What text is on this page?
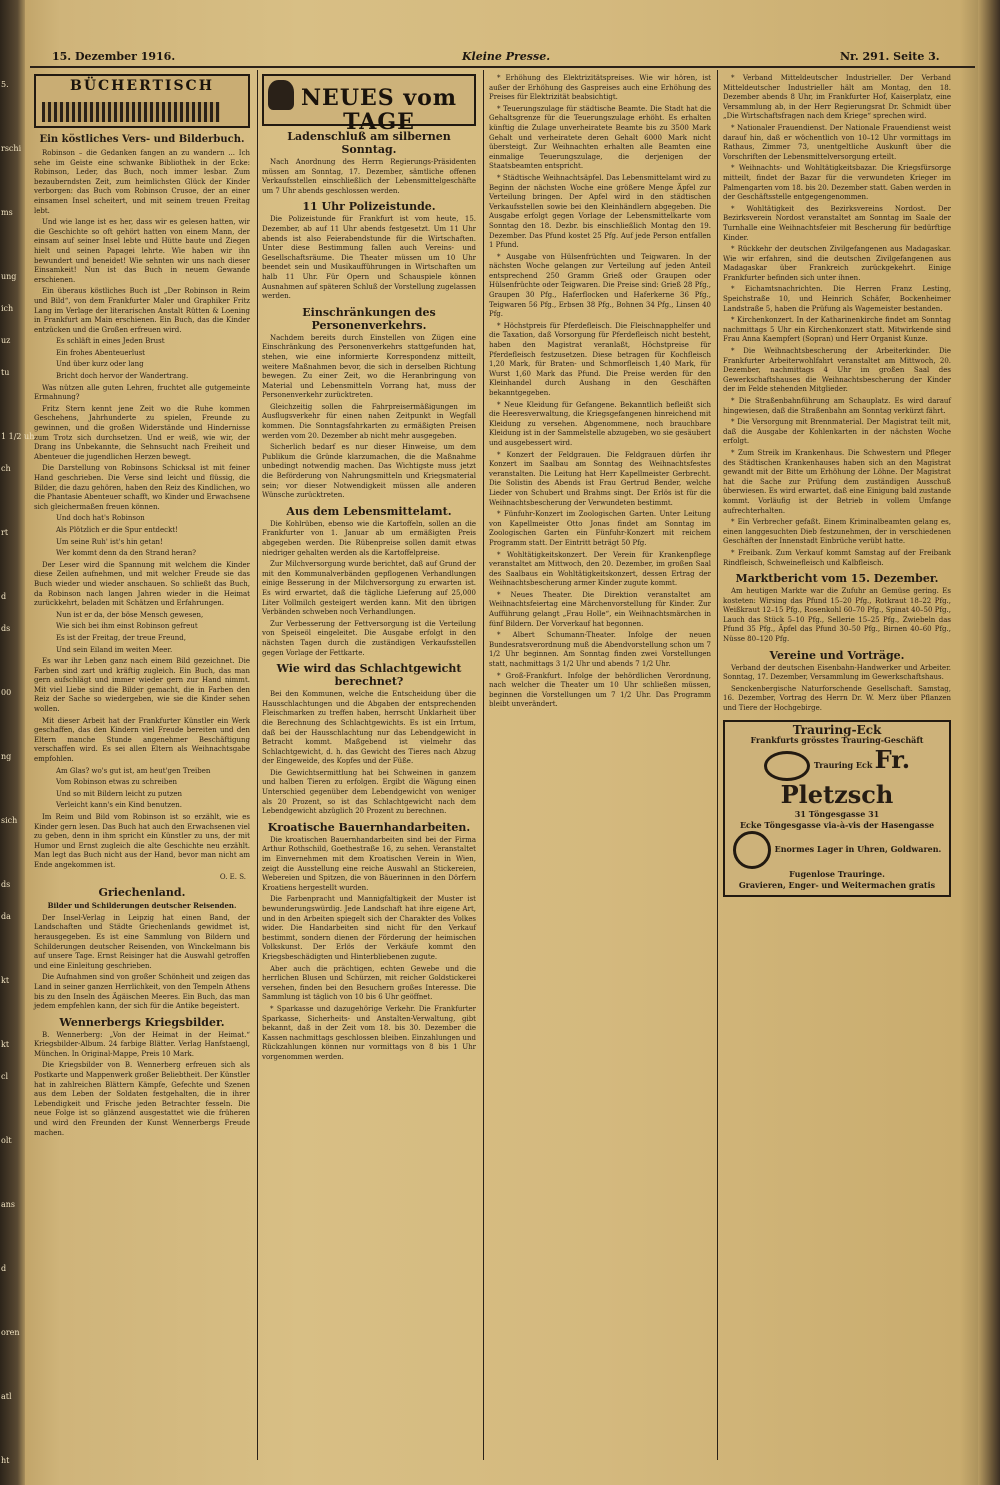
15. Dezember 1916.	Kleine Presse.	Nr. 291. Seite 3.
BÜCHERTISCH
Ein köstliches Vers- und Bilderbuch.

Robinson – die Gedanken fangen an zu wandern ... Ich sehe im Geiste eine schwanke Bibliothek in der Ecke: Robinson, Leder, das Buch, noch immer lesbar. Zum bezauberndsten Zeit, zum heimlichsten Glück der Kinder verborgen: das Buch vom Robinson Crusoe, der an einer einsamen Insel scheitert, und mit seinem treuen Freitag lebt.

Und wie lange ist es her, dass wir es gelesen hatten, wir die Geschichte so oft gehört hatten von einem Mann, der einsam auf seiner Insel lebte und Hütte baute und Ziegen hielt und seinen Papagei lehrte. Wie haben wir ihn bewundert und beneidet! Wie sehnten wir uns nach dieser Einsamkeit! Nun ist das Buch in neuem Gewande erschienen.

Ein überaus köstliches Buch ist „Der Robinson in Reim und Bild“, von dem Frankfurter Maler und Graphiker Fritz Lang im Verlage der literarischen Anstalt Rütten & Loening in Frankfurt am Main erschienen. Ein Buch, das die Kinder entzücken und die Großen erfreuen wird.

Es schläft in eines Jeden Brust

Ein frohes Abenteuerlust

Und über kurz oder lang

Bricht doch hervor der Wandertrang.

Was nützen alle guten Lehren, fruchtet alle gutgemeinte Ermahnung?

Fritz Stern kennt jene Zeit wo die Ruhe kommen Geschehens, Jahrhunderte zu spielen, Freunde zu gewinnen, und die großen Widerstände und Hindernisse zum Trotz sich durchsetzen. Und er weiß, wie wir, der Drang ins Unbekannte, die Sehnsucht nach Freiheit und Abenteuer die jugendlichen Herzen bewegt.

Die Darstellung von Robinsons Schicksal ist mit feiner Hand geschrieben. Die Verse sind leicht und flüssig, die Bilder, die dazu gehören, haben den Reiz des Kindlichen, wo die Phantasie Abenteuer schafft, wo Kinder und Erwachsene sich gleichermaßen freuen können.

Und doch hat's Robinson

Als Plötzlich er die Spur entdeckt!

Um seine Ruh' ist's hin getan!

Wer kommt denn da den Strand heran?

Der Leser wird die Spannung mit welchem die Kinder diese Zeilen aufnehmen, und mit welcher Freude sie das Buch wieder und wieder anschauen. So schließt das Buch, da Robinson nach langen Jahren wieder in die Heimat zurückkehrt, beladen mit Schätzen und Erfahrungen.

Nun ist er da, der böse Mensch gewesen,

Wie sich bei ihm einst Robinson gefreut

Es ist der Freitag, der treue Freund,

Und sein Eiland im weiten Meer.

Es war ihr Leben ganz nach einem Bild gezeichnet. Die Farben sind zart und kräftig zugleich. Ein Buch, das man gern aufschlägt und immer wieder gern zur Hand nimmt. Mit viel Liebe sind die Bilder gemacht, die in Farben den Reiz der Sache so wiedergeben, wie sie die Kinder sehen wollen.

Mit dieser Arbeit hat der Frankfurter Künstler ein Werk geschaffen, das den Kindern viel Freude bereiten und den Eltern manche Stunde angenehmer Beschäftigung verschaffen wird. Es sei allen Eltern als Weihnachtsgabe empfohlen.

Am Glas? wo's gut ist, am heut'gen Treiben

Vom Robinson etwas zu schreiben

Und so mit Bildern leicht zu putzen

Verleicht kann's ein Kind benutzen.

Im Reim und Bild vom Robinson ist so erzählt, wie es Kinder gern lesen. Das Buch hat auch den Erwachsenen viel zu geben, denn in ihm spricht ein Künstler zu uns, der mit Humor und Ernst zugleich die alte Geschichte neu erzählt. Man legt das Buch nicht aus der Hand, bevor man nicht am Ende angekommen ist.

O. E. S.

Griechenland.
Bilder und Schilderungen deutscher Reisenden.

Der Insel-Verlag in Leipzig hat einen Band, der Landschaften und Städte Griechenlands gewidmet ist, herausgegeben. Es ist eine Sammlung von Bildern und Schilderungen deutscher Reisenden, von Winckelmann bis auf unsere Tage. Ernst Reisinger hat die Auswahl getroffen und eine Einleitung geschrieben.

Die Aufnahmen sind von großer Schönheit und zeigen das Land in seiner ganzen Herrlichkeit, von den Tempeln Athens bis zu den Inseln des Ägäischen Meeres. Ein Buch, das man jedem empfehlen kann, der sich für die Antike begeistert.

Wennerbergs Kriegsbilder.

B. Wennerberg: „Von der Heimat in der Heimat.“ Kriegsbilder-Album. 24 farbige Blätter. Verlag Hanfstaengl, München. In Original-Mappe, Preis 10 Mark.

Die Kriegsbilder von B. Wennerberg erfreuen sich als Postkarte und Mappenwerk großer Beliebtheit. Der Künstler hat in zahlreichen Blättern Kämpfe, Gefechte und Szenen aus dem Leben der Soldaten festgehalten, die in ihrer Lebendigkeit und Frische jeden Betrachter fesseln. Die neue Folge ist so glänzend ausgestattet wie die früheren und wird den Freunden der Kunst Wennerbergs Freude machen.

NEUES vom TAGE
Ladenschluß am silbernen Sonntag.

Nach Anordnung des Herrn Regierungs-Präsidenten müssen am Sonntag, 17. Dezember, sämtliche offenen Verkaufsstellen einschließlich der Lebensmittelgeschäfte um 7 Uhr abends geschlossen werden.

11 Uhr Polizeistunde.

Die Polizeistunde für Frankfurt ist vom heute, 15. Dezember, ab auf 11 Uhr abends festgesetzt. Um 11 Uhr abends ist also Feierabendstunde für die Wirtschaften. Unter diese Bestimmung fallen auch Vereins- und Gesellschaftsräume. Die Theater müssen um 10 Uhr beendet sein und Musikaufführungen in Wirtschaften um halb 11 Uhr. Für Opern und Schauspiele können Ausnahmen auf späteren Schluß der Vorstellung zugelassen werden.

Einschränkungen des Personenverkehrs.

Nachdem bereits durch Einstellen von Zügen eine Einschränkung des Personenverkehrs stattgefunden hat, stehen, wie eine informierte Korrespondenz mitteilt, weitere Maßnahmen bevor, die sich in derselben Richtung bewegen. Zu einer Zeit, wo die Heranbringung von Material und Lebensmitteln Vorrang hat, muss der Personenverkehr zurücktreten.

Gleichzeitig sollen die Fahrpreisermäßigungen im Ausflugsverkehr für einen nahen Zeitpunkt in Wegfall kommen. Die Sonntagsfahrkarten zu ermäßigten Preisen werden vom 20. Dezember ab nicht mehr ausgegeben.

Sicherlich bedarf es nur dieser Hinweise, um dem Publikum die Gründe klarzumachen, die die Maßnahme unbedingt notwendig machen. Das Wichtigste muss jetzt die Beförderung von Nahrungsmitteln und Kriegsmaterial sein; vor dieser Notwendigkeit müssen alle anderen Wünsche zurücktreten.

Aus dem Lebensmittelamt.

Die Kohlrüben, ebenso wie die Kartoffeln, sollen an die Frankfurter von 1. Januar ab um ermäßigten Preis abgegeben werden. Die Rübenpreise sollen damit etwas niedriger gehalten werden als die Kartoffelpreise.

Zur Milchversorgung wurde berichtet, daß auf Grund der mit den Kommunalverbänden gepflogenen Verhandlungen einige Besserung in der Milchversorgung zu erwarten ist. Es wird erwartet, daß die tägliche Lieferung auf 25,000 Liter Vollmilch gesteigert werden kann. Mit den übrigen Verbänden schweben noch Verhandlungen.

Zur Verbesserung der Fettversorgung ist die Verteilung von Speiseöl eingeleitet. Die Ausgabe erfolgt in den nächsten Tagen durch die zuständigen Verkaufsstellen gegen Vorlage der Fettkarte.

Wie wird das Schlachtgewicht berechnet?

Bei den Kommunen, welche die Entscheidung über die Hausschlachtungen und die Abgaben der entsprechenden Fleischmarken zu treffen haben, herrscht Unklarheit über die Berechnung des Schlachtgewichts. Es ist ein Irrtum, daß bei der Hausschlachtung nur das Lebendgewicht in Betracht kommt. Maßgebend ist vielmehr das Schlachtgewicht, d. h. das Gewicht des Tieres nach Abzug der Eingeweide, des Kopfes und der Füße.

Die Gewichtsermittlung hat bei Schweinen in ganzem und halben Tieren zu erfolgen. Ergibt die Wägung einen Unterschied gegenüber dem Lebendgewicht von weniger als 20 Prozent, so ist das Schlachtgewicht nach dem Lebendgewicht abzüglich 20 Prozent zu berechnen.

Kroatische Bauernhandarbeiten.

Die kroatischen Bauernhandarbeiten sind bei der Firma Arthur Rothschild, Goethestraße 16, zu sehen. Veranstaltet im Einvernehmen mit dem Kroatischen Verein in Wien, zeigt die Ausstellung eine reiche Auswahl an Stickereien, Webereien und Spitzen, die von Bäuerinnen in den Dörfern Kroatiens hergestellt wurden.

Die Farbenpracht und Mannigfaltigkeit der Muster ist bewunderungswürdig. Jede Landschaft hat ihre eigene Art, und in den Arbeiten spiegelt sich der Charakter des Volkes wider. Die Handarbeiten sind nicht für den Verkauf bestimmt, sondern dienen der Förderung der heimischen Volkskunst. Der Erlös der Verkäufe kommt den Kriegsbeschädigten und Hinterbliebenen zugute.

Aber auch die prächtigen, echten Gewebe und die herrlichen Blusen und Schürzen, mit reicher Goldstickerei versehen, finden bei den Besuchern großes Interesse. Die Sammlung ist täglich von 10 bis 6 Uhr geöffnet.

* Sparkasse und dazugehörige Verkehr. Die Frankfurter Sparkasse, Sicherheits- und Anstalten-Verwaltung, gibt bekannt, daß in der Zeit vom 18. bis 30. Dezember die Kassen nachmittags geschlossen bleiben. Einzahlungen und Rückzahlungen können nur vormittags von 8 bis 1 Uhr vorgenommen werden.

* Erhöhung des Elektrizitätspreises. Wie wir hören, ist außer der Erhöhung des Gaspreises auch eine Erhöhung des Preises für Elektrizität beabsichtigt.

* Teuerungszulage für städtische Beamte. Die Stadt hat die Gehaltsgrenze für die Teuerungszulage erhöht. Es erhalten künftig die Zulage unverheiratete Beamte bis zu 3500 Mark Gehalt und verheiratete deren Gehalt 6000 Mark nicht übersteigt. Zur Weihnachten erhalten alle Beamten eine einmalige Teuerungszulage, die derjenigen der Staatsbeamten entspricht.

* Städtische Weihnachtsäpfel. Das Lebensmittelamt wird zu Beginn der nächsten Woche eine größere Menge Äpfel zur Verteilung bringen. Der Apfel wird in den städtischen Verkaufsstellen sowie bei den Kleinhändlern abgegeben. Die Ausgabe erfolgt gegen Vorlage der Lebensmittelkarte vom Sonntag den 18. Dezbr. bis einschließlich Montag den 19. Dezember. Das Pfund kostet 25 Pfg. Auf jede Person entfallen 1 Pfund.

* Ausgabe von Hülsenfrüchten und Teigwaren. In der nächsten Woche gelangen zur Verteilung auf jeden Anteil entsprechend 250 Gramm Grieß oder Graupen oder Hülsenfrüchte oder Teigwaren. Die Preise sind: Grieß 28 Pfg., Graupen 30 Pfg., Haferflocken und Haferkerne 36 Pfg., Teigwaren 56 Pfg., Erbsen 38 Pfg., Bohnen 34 Pfg., Linsen 40 Pfg.

* Höchstpreis für Pferdefleisch. Die Fleischnapphelfer und die Taxation, daß Vorsorgung für Pferdefleisch nicht besteht, haben den Magistrat veranlaßt, Höchstpreise für Pferdefleisch festzusetzen. Diese betragen für Kochfleisch 1,20 Mark, für Braten- und Schmorfleisch 1,40 Mark, für Wurst 1,60 Mark das Pfund. Die Preise werden für den Kleinhandel durch Aushang in den Geschäften bekanntgegeben.

* Neue Kleidung für Gefangene. Bekanntlich befleißt sich die Heeresverwaltung, die Kriegsgefangenen hinreichend mit Kleidung zu versehen. Abgenommene, noch brauchbare Kleidung ist in der Sammelstelle abzugeben, wo sie gesäubert und ausgebessert wird.

* Konzert der Feldgrauen. Die Feldgrauen dürfen ihr Konzert im Saalbau am Sonntag des Weihnachtsfestes veranstalten. Die Leitung hat Herr Kapellmeister Gerbrecht. Die Solistin des Abends ist Frau Gertrud Bender, welche Lieder von Schubert und Brahms singt. Der Erlös ist für die Weihnachtsbescherung der Verwundeten bestimmt.

* Fünfuhr-Konzert im Zoologischen Garten. Unter Leitung von Kapellmeister Otto Jonas findet am Sonntag im Zoologischen Garten ein Fünfuhr-Konzert mit reichem Programm statt. Der Eintritt beträgt 50 Pfg.

* Wohltätigkeitskonzert. Der Verein für Krankenpflege veranstaltet am Mittwoch, den 20. Dezember, im großen Saal des Saalbaus ein Wohltätigkeitskonzert, dessen Ertrag der Weihnachtsbescherung armer Kinder zugute kommt.

* Neues Theater. Die Direktion veranstaltet am Weihnachtsfeiertag eine Märchenvorstellung für Kinder. Zur Aufführung gelangt „Frau Holle“, ein Weihnachtsmärchen in fünf Bildern. Der Vorverkauf hat begonnen.

* Albert Schumann-Theater. Infolge der neuen Bundesratsverordnung muß die Abendvorstellung schon um 7 1/2 Uhr beginnen. Am Sonntag finden zwei Vorstellungen statt, nachmittags 3 1/2 Uhr und abends 7 1/2 Uhr.

* Groß-Frankfurt. Infolge der behördlichen Verordnung, nach welcher die Theater um 10 Uhr schließen müssen, beginnen die Vorstellungen um 7 1/2 Uhr. Das Programm bleibt unverändert.

* Verband Mitteldeutscher Industrieller. Der Verband Mitteldeutscher Industrieller hält am Montag, den 18. Dezember abends 8 Uhr, im Frankfurter Hof, Kaiserplatz, eine Versammlung ab, in der Herr Regierungsrat Dr. Schmidt über „Die Wirtschaftsfragen nach dem Kriege“ sprechen wird.

* Nationaler Frauendienst. Der Nationale Frauendienst weist darauf hin, daß er wöchentlich von 10–12 Uhr vormittags im Rathaus, Zimmer 73, unentgeltliche Auskunft über die Vorschriften der Lebensmittelversorgung erteilt.

* Weihnachts- und Wohltätigkeitsbazar. Die Kriegsfürsorge mitteilt, findet der Bazar für die verwundeten Krieger im Palmengarten vom 18. bis 20. Dezember statt. Gaben werden in der Geschäftsstelle entgegengenommen.

* Wohltätigkeit des Bezirksvereins Nordost. Der Bezirksverein Nordost veranstaltet am Sonntag im Saale der Turnhalle eine Weihnachtsfeier mit Bescherung für bedürftige Kinder.

* Rückkehr der deutschen Zivilgefangenen aus Madagaskar. Wie wir erfahren, sind die deutschen Zivilgefangenen aus Madagaskar über Frankreich zurückgekehrt. Einige Frankfurter befinden sich unter ihnen.

* Eichamtsnachrichten. Die Herren Franz Lesting, Speichstraße 10, und Heinrich Schäfer, Bockenheimer Landstraße 5, haben die Prüfung als Wagemeister bestanden.

* Kirchenkonzert. In der Katharinenkirche findet am Sonntag nachmittags 5 Uhr ein Kirchenkonzert statt. Mitwirkende sind Frau Anna Kaempfert (Sopran) und Herr Organist Kunze.

* Die Weihnachtsbescherung der Arbeiterkinder. Die Frankfurter Arbeiterwohlfahrt veranstaltet am Mittwoch, 20. Dezember, nachmittags 4 Uhr im großen Saal des Gewerkschaftshauses die Weihnachtsbescherung der Kinder der im Felde stehenden Mitglieder.

* Die Straßenbahnführung am Schauplatz. Es wird darauf hingewiesen, daß die Straßenbahn am Sonntag verkürzt fährt.

* Die Versorgung mit Brennmaterial. Der Magistrat teilt mit, daß die Ausgabe der Kohlenkarten in der nächsten Woche erfolgt.

* Zum Streik im Krankenhaus. Die Schwestern und Pfleger des Städtischen Krankenhauses haben sich an den Magistrat gewandt mit der Bitte um Erhöhung der Löhne. Der Magistrat hat die Sache zur Prüfung dem zuständigen Ausschuß überwiesen. Es wird erwartet, daß eine Einigung bald zustande kommt. Vorläufig ist der Betrieb in vollem Umfange aufrechterhalten.

* Ein Verbrecher gefaßt. Einem Kriminalbeamten gelang es, einen langgesuchten Dieb festzunehmen, der in verschiedenen Geschäften der Innenstadt Einbrüche verübt hatte.

* Freibank. Zum Verkauf kommt Samstag auf der Freibank Rindfleisch, Schweinefleisch und Kalbfleisch.

Marktbericht vom 15. Dezember.

Am heutigen Markte war die Zufuhr an Gemüse gering. Es kosteten: Wirsing das Pfund 15–20 Pfg., Rotkraut 18–22 Pfg., Weißkraut 12–15 Pfg., Rosenkohl 60–70 Pfg., Spinat 40–50 Pfg., Lauch das Stück 5–10 Pfg., Sellerie 15–25 Pfg., Zwiebeln das Pfund 35 Pfg., Äpfel das Pfund 30–50 Pfg., Birnen 40–60 Pfg., Nüsse 80–120 Pfg.

Vereine und Vorträge.

Verband der deutschen Eisenbahn-Handwerker und Arbeiter. Sonntag, 17. Dezember, Versammlung im Gewerkschaftshaus.

Senckenbergische Naturforschende Gesellschaft. Samstag, 16. Dezember, Vortrag des Herrn Dr. W. Merz über Pflanzen und Tiere der Hochgebirge.

Trauring-Eck
Frankfurts grösstes Trauring-Geschäft
Trauring Eck Fr. Pletzsch
31 Töngesgasse 31
Ecke Töngesgasse via-à-vis der Hasengasse
Enormes Lager in Uhren, Goldwaren.
Fugenlose Trauringe.
Gravieren, Enger- und Weitermachen gratis
5.
rschi
ms
ung
ich
uz
tu
1 1/2 uh
ch
rt
d
ds
00
ng
sich
ds
da
kt
kt
cl
olt
ans
d
oren
atl
ht
